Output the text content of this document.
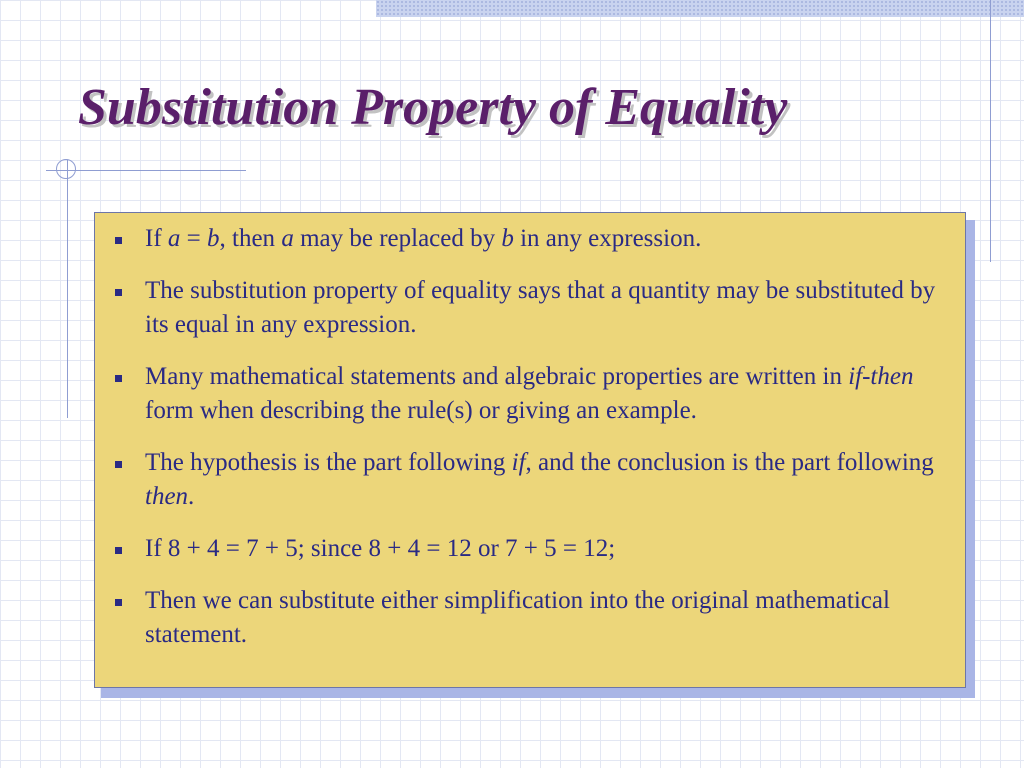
Substitution Property of Equality
If a = b, then a may be replaced by b in any expression.
The substitution property of equality says that a quantity may be substituted by its equal in any expression.
Many mathematical statements and algebraic properties are written in if-then form when describing the rule(s) or giving an example.
The hypothesis is the part following if, and the conclusion is the part following then.
If 8 + 4 = 7 + 5; since 8 + 4 = 12 or 7 + 5 = 12;
Then we can substitute either simplification into the original mathematical statement.
